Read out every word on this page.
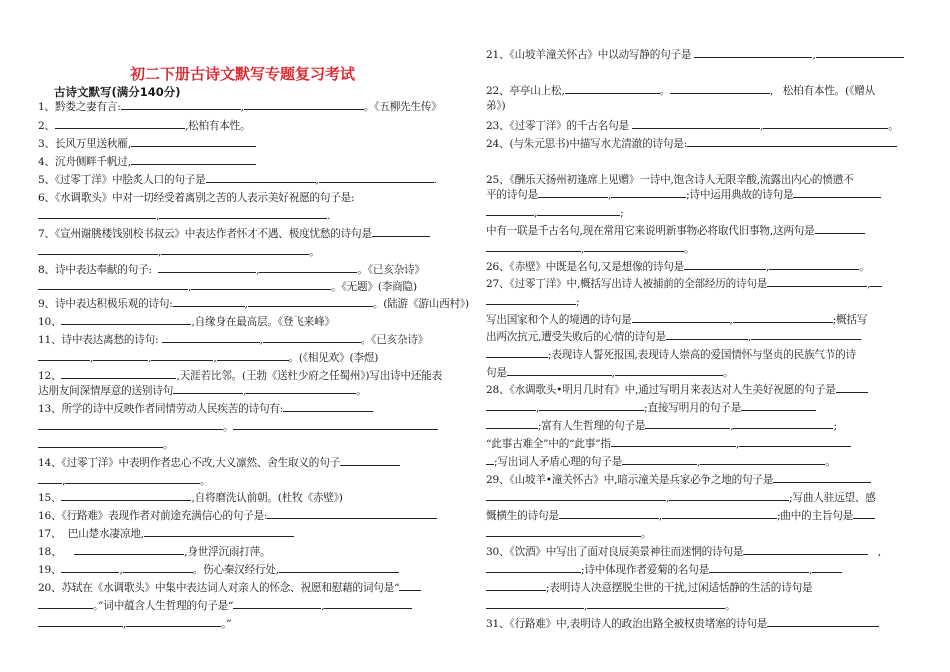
初二下册古诗文默写专题复习考试
古诗文默写(满分140分)
1、黔娄之妻有言:	,	。《五柳先生传》
2、	,松柏有本性。
3、长风万里送秋雁,
4、沉舟侧畔千帆过,
5、《过零丁洋》中脍炙人口的句子是	,	.
6、《水调歌头》中对一切经受着离别之苦的人表示美好祝愿的句子是:
,	.
7、《宣州谢朓楼饯别校书叔云》中表达作者怀才不遇、极度忧愁的诗句是
,	。
8、诗中表达奉献的句子:	,	。《已亥杂诗》
,	。《无题》(李商隐)
9、诗中表达积极乐观的诗句:	,	。(陆游《游山西村》)
10、	,自缘身在最高层。《登飞来峰》
11、诗中表达离愁的诗句:	,	。《已亥杂诗》
,	,	,	。(《相见欢》(李煜)
12、	,天涯若比邻。(王勃《送杜少府之任蜀州》)写出诗中还能表
达朋友间深情厚意的送别诗句	,	。
13、所学的诗中反映作者同情劳动人民疾苦的诗句有:
。
。
14、《过零丁洋》中表明作者忠心不改,大义凛然、舍生取义的句子
,	。
15、	,自将磨洗认前朝。(杜牧《赤壁》)
16、《行路难》表现作者对前途充满信心的句子是:
17、 巴山楚水凄凉地,
18、	,身世浮沉雨打萍。
19、	,	。伤心秦汉经行处,
20、苏轼在《水调歌头》中集中表达词人对亲人的怀念、祝愿和慰藉的词句是“
。”词中蕴含人生哲理的句子是“	,
,	。”
21、《山坡羊潼关怀古》中以动写静的句子是	,
22、亭亭山上松,	。	,   松柏有本性。(《赠从
弟》)
23、《过零丁洋》的千古名句是	,	。
24、(与朱元思书)中描写水尤清澈的诗句是:
25、《酬乐天扬州初逢席上见赠》一诗中,饱含诗人无限辛酸,流露出内心的愤懑不
平的诗句是	,	;诗中运用典故的诗句是
,	;
中有一联是千古名句,现在常用它来说明新事物必将取代旧事物,这两句是
,	。
26、《赤壁》中既是名句,又是想像的诗句是	,	。
27、《过零丁洋》中,概括写出诗人被捕前的全部经历的诗句是	,
;
写出国家和个人的境遇的诗句是	,	;概括写
出两次抗元,遭受失败后的心情的诗句是	,
;表现诗人誓死报国,表现诗人崇高的爱国情怀与坚贞的民族气节的诗
句是	,	。
28、《水调歌头•明月几时有》中,通过写明月来表达对人生美好祝愿的句子是
,	;直接写明月的句子是
;富有人生哲理的句子是	,	;
“此事古难全”中的“此事”指	,
;写出词人矛盾心理的句子是	,	。
29、《山坡羊•潼关怀古》中,暗示潼关是兵家必争之地的句子是
,	;写曲人驻远望、感
慨横生的诗句是	,	;曲中的主旨句是
。
30、《饮酒》中写出了面对良辰美景神往而迷惘的诗句是	,
;诗中体现作者爱菊的名句是	,
;表明诗人决意摆脱尘世的干扰,过闲适恬静的生活的诗句是
,	。
31、《行路难》中,表明诗人的政治出路全被权贵堵塞的诗句是
